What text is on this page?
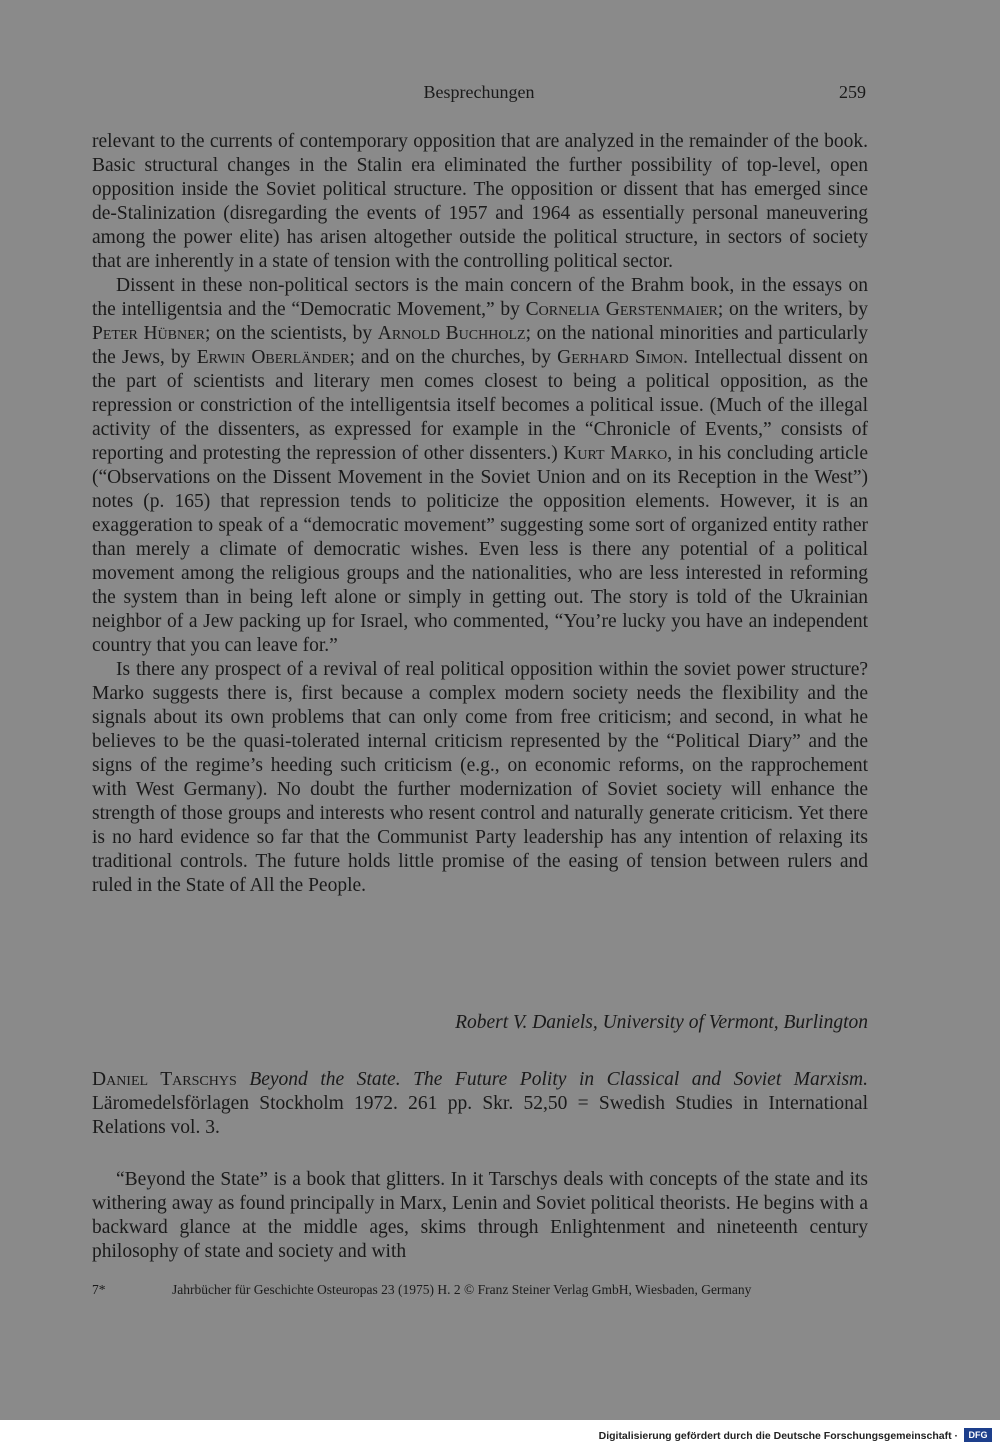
Besprechungen	259

relevant to the currents of contemporary opposition that are analyzed in the remainder of the book. Basic structural changes in the Stalin era eliminated the further possibility of top-level, open opposition inside the Soviet political structure. The opposition or dissent that has emerged since de-Stalinization (disregarding the events of 1957 and 1964 as essentially personal maneuvering among the power elite) has arisen altogether outside the political structure, in sectors of society that are inherently in a state of tension with the controlling political sector.

Dissent in these non-political sectors is the main concern of the Brahm book, in the essays on the intelligentsia and the “Democratic Movement,” by Cornelia Gerstenmaier; on the writers, by Peter Hübner; on the scientists, by Arnold Buchholz; on the national minorities and particularly the Jews, by Erwin Oberländer; and on the churches, by Gerhard Simon. Intellectual dissent on the part of scientists and literary men comes closest to being a political opposition, as the repression or constriction of the intelligentsia itself becomes a political issue. (Much of the illegal activity of the dissenters, as expressed for example in the “Chronicle of Events,” consists of reporting and protesting the repression of other dissenters.) Kurt Marko, in his concluding article (“Observations on the Dissent Movement in the Soviet Union and on its Reception in the West”) notes (p. 165) that repression tends to politicize the opposition elements. However, it is an exaggeration to speak of a “democratic movement” suggesting some sort of organized entity rather than merely a climate of democratic wishes. Even less is there any potential of a political movement among the religious groups and the nationalities, who are less interested in reforming the system than in being left alone or simply in getting out. The story is told of the Ukrainian neighbor of a Jew packing up for Israel, who commented, “You’re lucky you have an independent country that you can leave for.”

Is there any prospect of a revival of real political opposition within the soviet power structure? Marko suggests there is, first because a complex modern society needs the flexibility and the signals about its own problems that can only come from free criticism; and second, in what he believes to be the quasi-tolerated internal criticism represented by the “Political Diary” and the signs of the regime’s heeding such criticism (e.g., on economic reforms, on the rapprochement with West Germany). No doubt the further modernization of Soviet society will enhance the strength of those groups and interests who resent control and naturally generate criticism. Yet there is no hard evidence so far that the Communist Party leadership has any intention of relaxing its traditional controls. The future holds little promise of the easing of tension between rulers and ruled in the State of All the People.

Robert V. Daniels, University of Vermont, Burlington
Daniel Tarschys Beyond the State. The Future Polity in Classical and Soviet Marxism. Läromedelsförlagen Stockholm 1972. 261 pp. Skr. 52,50 = Swedish Studies in International Relations vol. 3.

“Beyond the State” is a book that glitters. In it Tarschys deals with concepts of the state and its withering away as found principally in Marx, Lenin and Soviet political theorists. He begins with a backward glance at the middle ages, skims through Enlightenment and nineteenth century philosophy of state and society and with

7*	Jahrbücher für Geschichte Osteuropas 23 (1975) H. 2 © Franz Steiner Verlag GmbH, Wiesbaden, Germany
Digitalisierung gefördert durch die Deutsche Forschungsgemeinschaft ·	DFG
